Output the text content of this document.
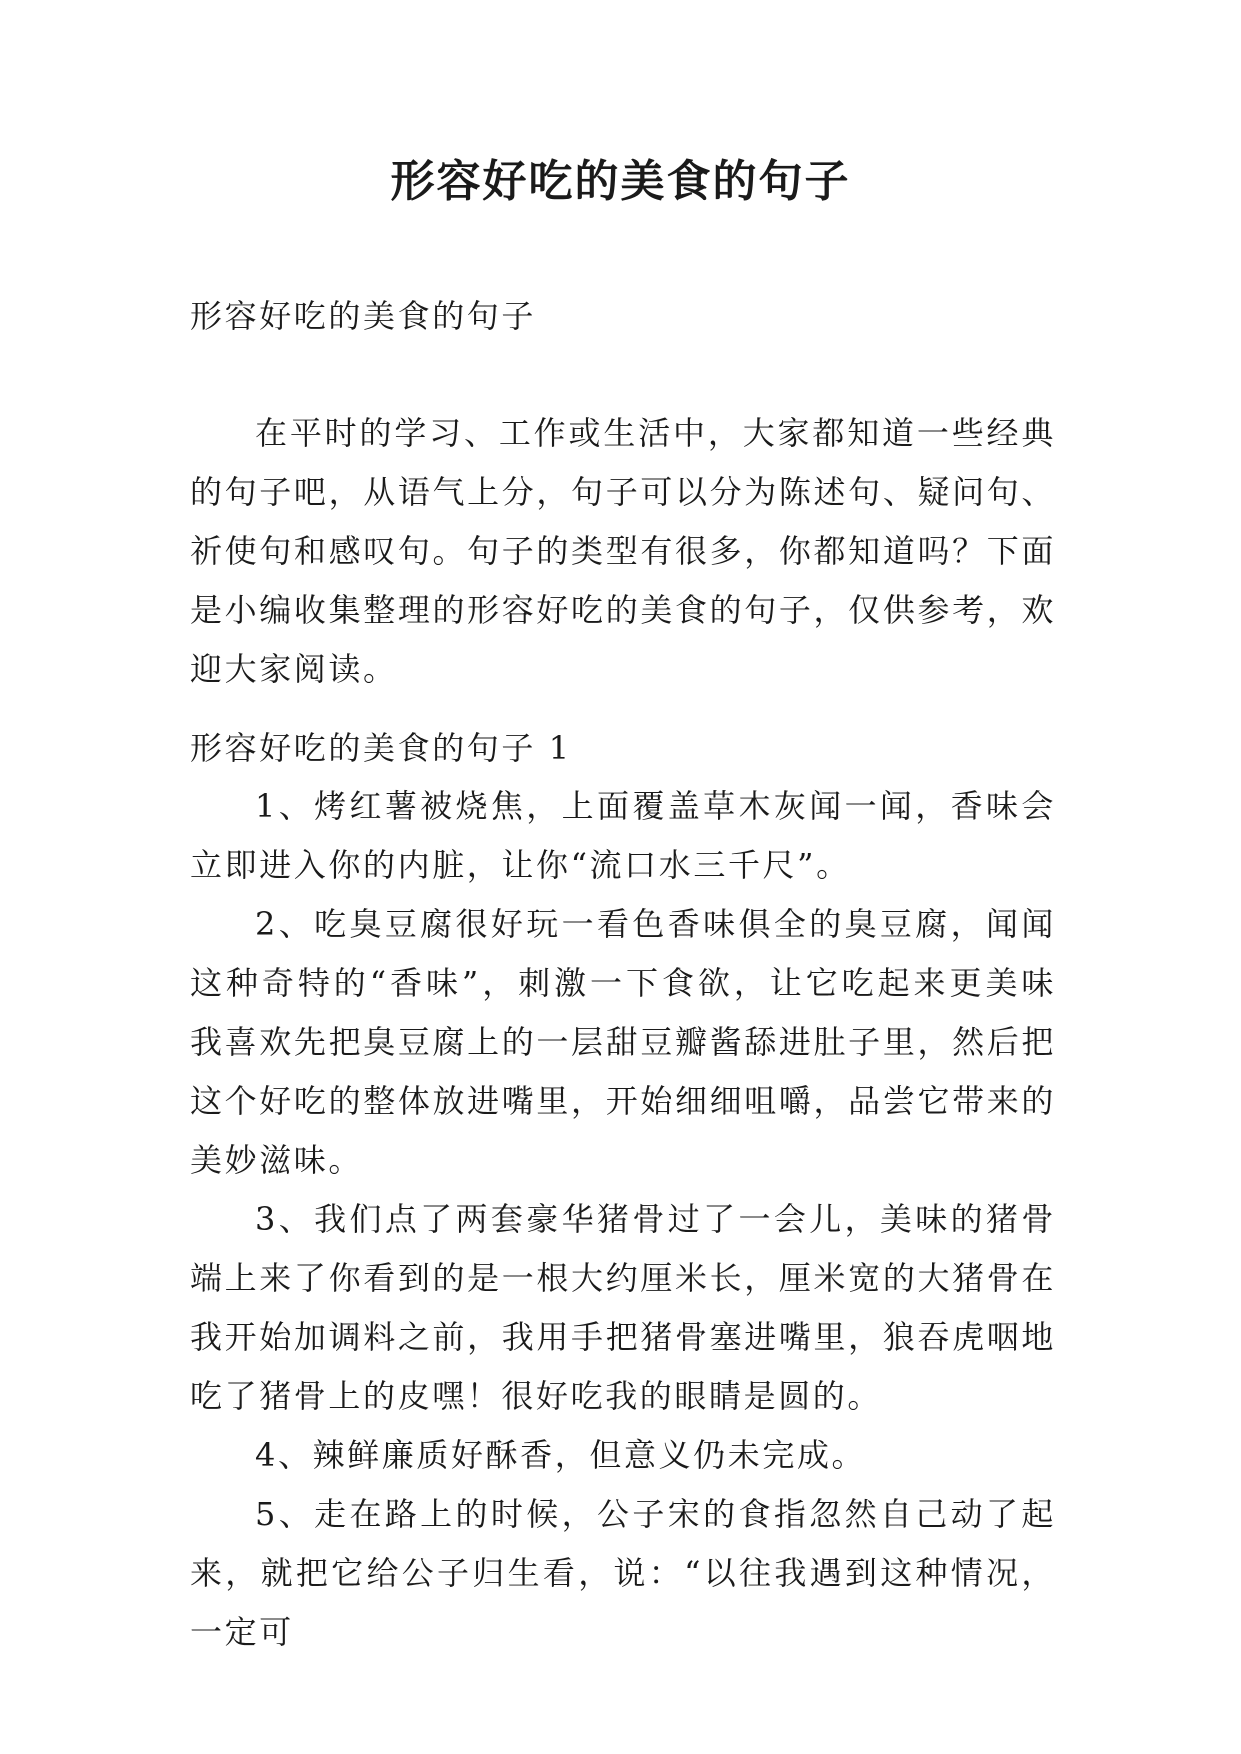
形容好吃的美食的句子

形容好吃的美食的句子

在平时的学习、工作或生活中，大家都知道一些经典的句子吧，从语气上分，句子可以分为陈述句、疑问句、祈使句和感叹句。句子的类型有很多，你都知道吗？下面是小编收集整理的形容好吃的美食的句子，仅供参考，欢迎大家阅读。

形容好吃的美食的句子 1

1、烤红薯被烧焦，上面覆盖草木灰闻一闻，香味会立即进入你的内脏，让你“流口水三千尺”。

2、吃臭豆腐很好玩一看色香味俱全的臭豆腐，闻闻这种奇特的“香味”，刺激一下食欲，让它吃起来更美味我喜欢先把臭豆腐上的一层甜豆瓣酱舔进肚子里，然后把这个好吃的整体放进嘴里，开始细细咀嚼，品尝它带来的美妙滋味。

3、我们点了两套豪华猪骨过了一会儿，美味的猪骨端上来了你看到的是一根大约厘米长，厘米宽的大猪骨在我开始加调料之前，我用手把猪骨塞进嘴里，狼吞虎咽地吃了猪骨上的皮嘿！很好吃我的眼睛是圆的。

4、辣鲜廉质好酥香，但意义仍未完成。

5、走在路上的时候，公子宋的食指忽然自己动了起来，就把它给公子归生看，说：“以往我遇到这种情况，一定可
